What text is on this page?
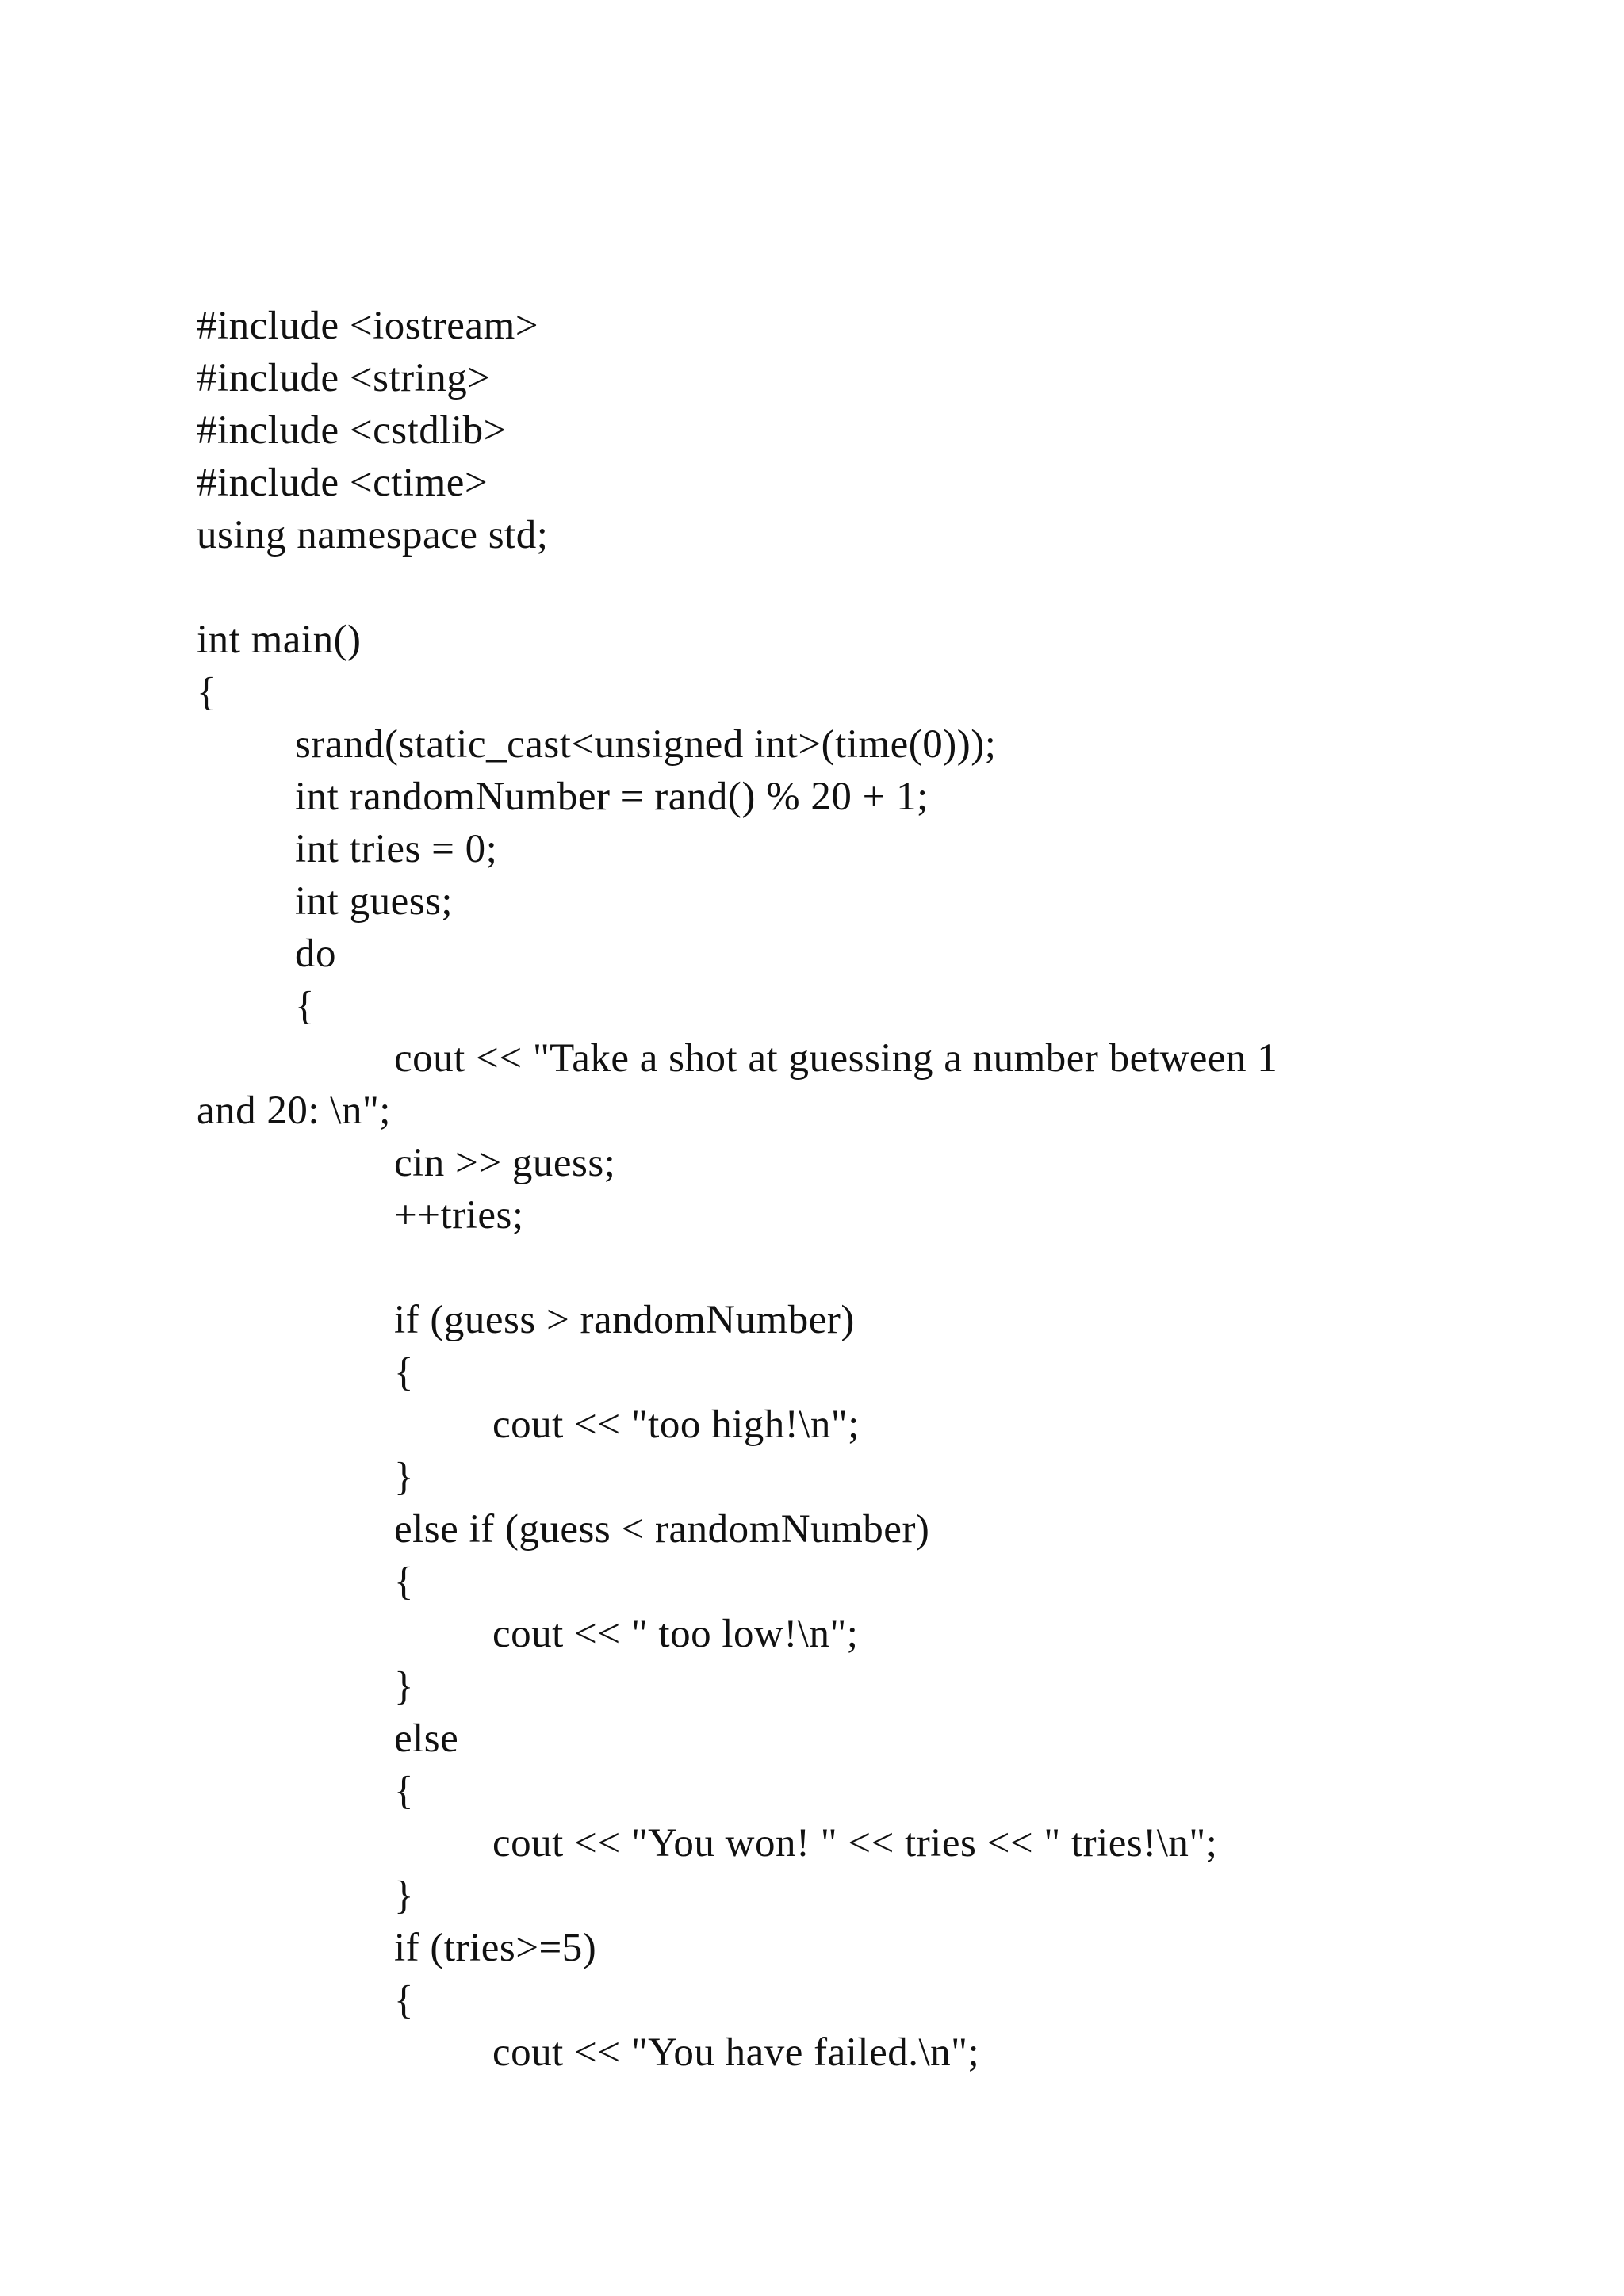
#include <iostream>
#include <string>
#include <cstdlib>
#include <ctime>
using namespace std;
int main()
{
srand(static_cast<unsigned int>(time(0)));
int randomNumber = rand() % 20 + 1;
int tries = 0;
int guess;
do
{
cout << "Take a shot at guessing a number between 1
and 20: \n";
cin >> guess;
++tries;
if (guess > randomNumber)
{
cout << "too high!\n";
}
else if (guess < randomNumber)
{
cout << " too low!\n";
}
else
{
cout << "You won! " << tries << " tries!\n";
}
if (tries>=5)
{
cout << "You have failed.\n";
